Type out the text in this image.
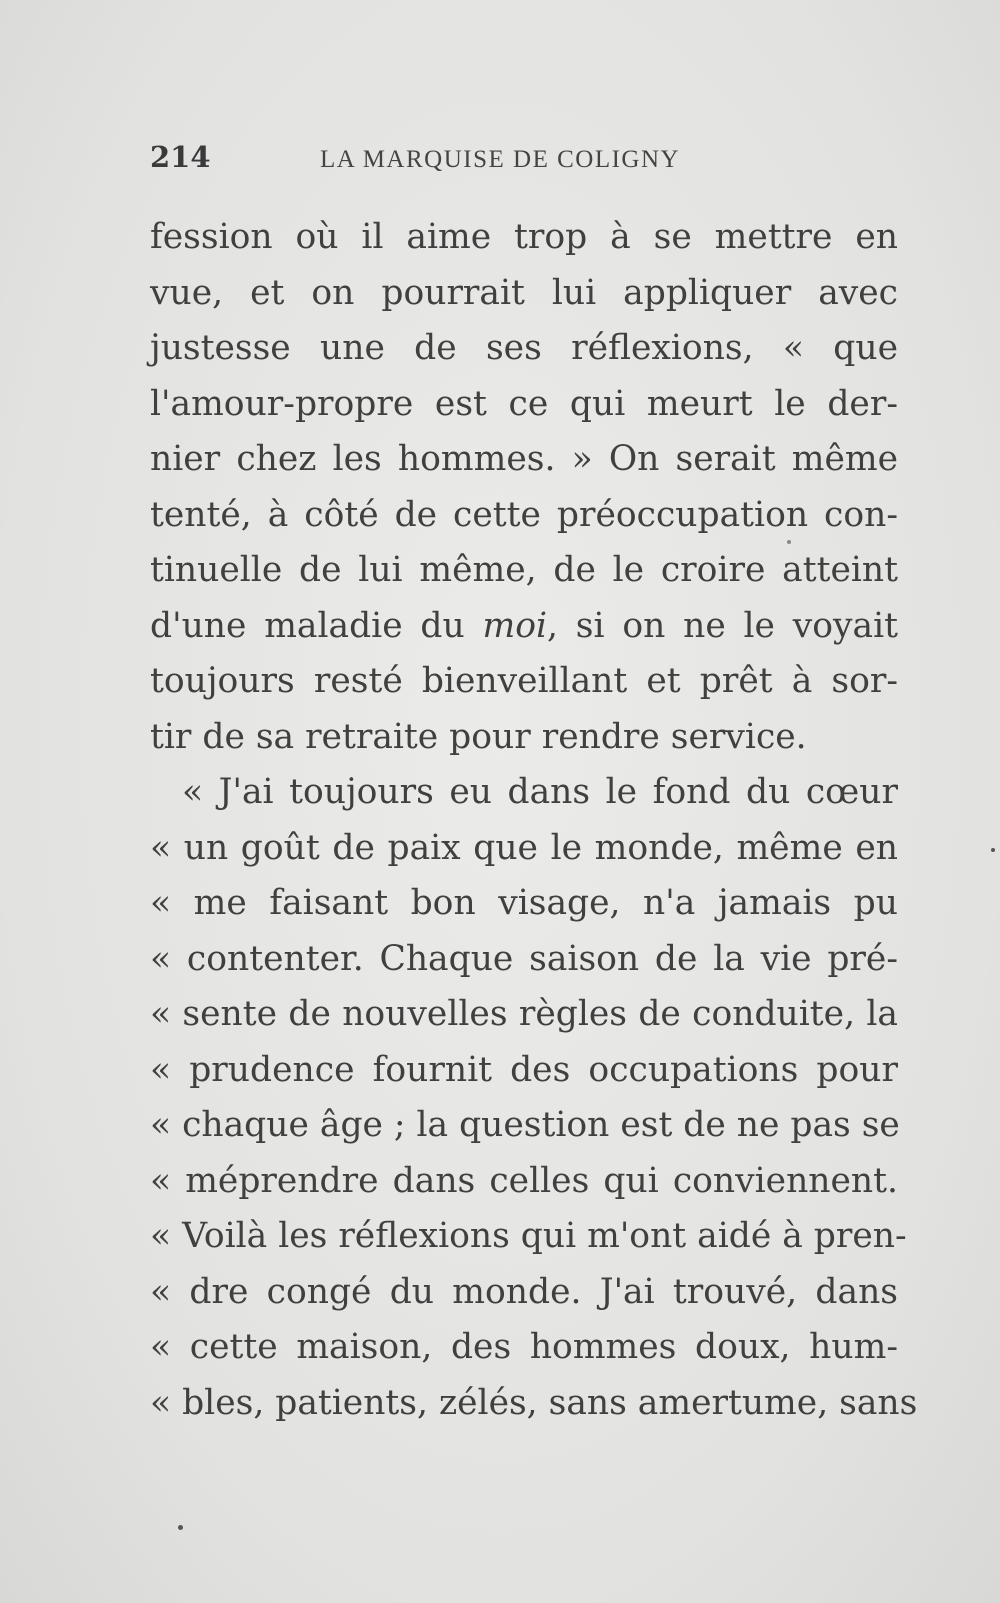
214	LA MARQUISE DE COLIGNY
fession où il aime trop à se mettre en
vue, et on pourrait lui appliquer avec
justesse une de ses réflexions, « que
l'amour-propre est ce qui meurt le der-
nier chez les hommes. » On serait même
tenté, à côté de cette préoccupation con-
tinuelle de lui même, de le croire atteint
d'une maladie du moi, si on ne le voyait
toujours resté bienveillant et prêt à sor-
tir de sa retraite pour rendre service.
« J'ai toujours eu dans le fond du cœur
« un goût de paix que le monde, même en
« me faisant bon visage, n'a jamais pu
« contenter. Chaque saison de la vie pré-
« sente de nouvelles règles de conduite, la
« prudence fournit des occupations pour
« chaque âge ; la question est de ne pas se
« méprendre dans celles qui conviennent.
« Voilà les réflexions qui m'ont aidé à pren-
« dre congé du monde. J'ai trouvé, dans
« cette maison, des hommes doux, hum-
« bles, patients, zélés, sans amertume, sans
